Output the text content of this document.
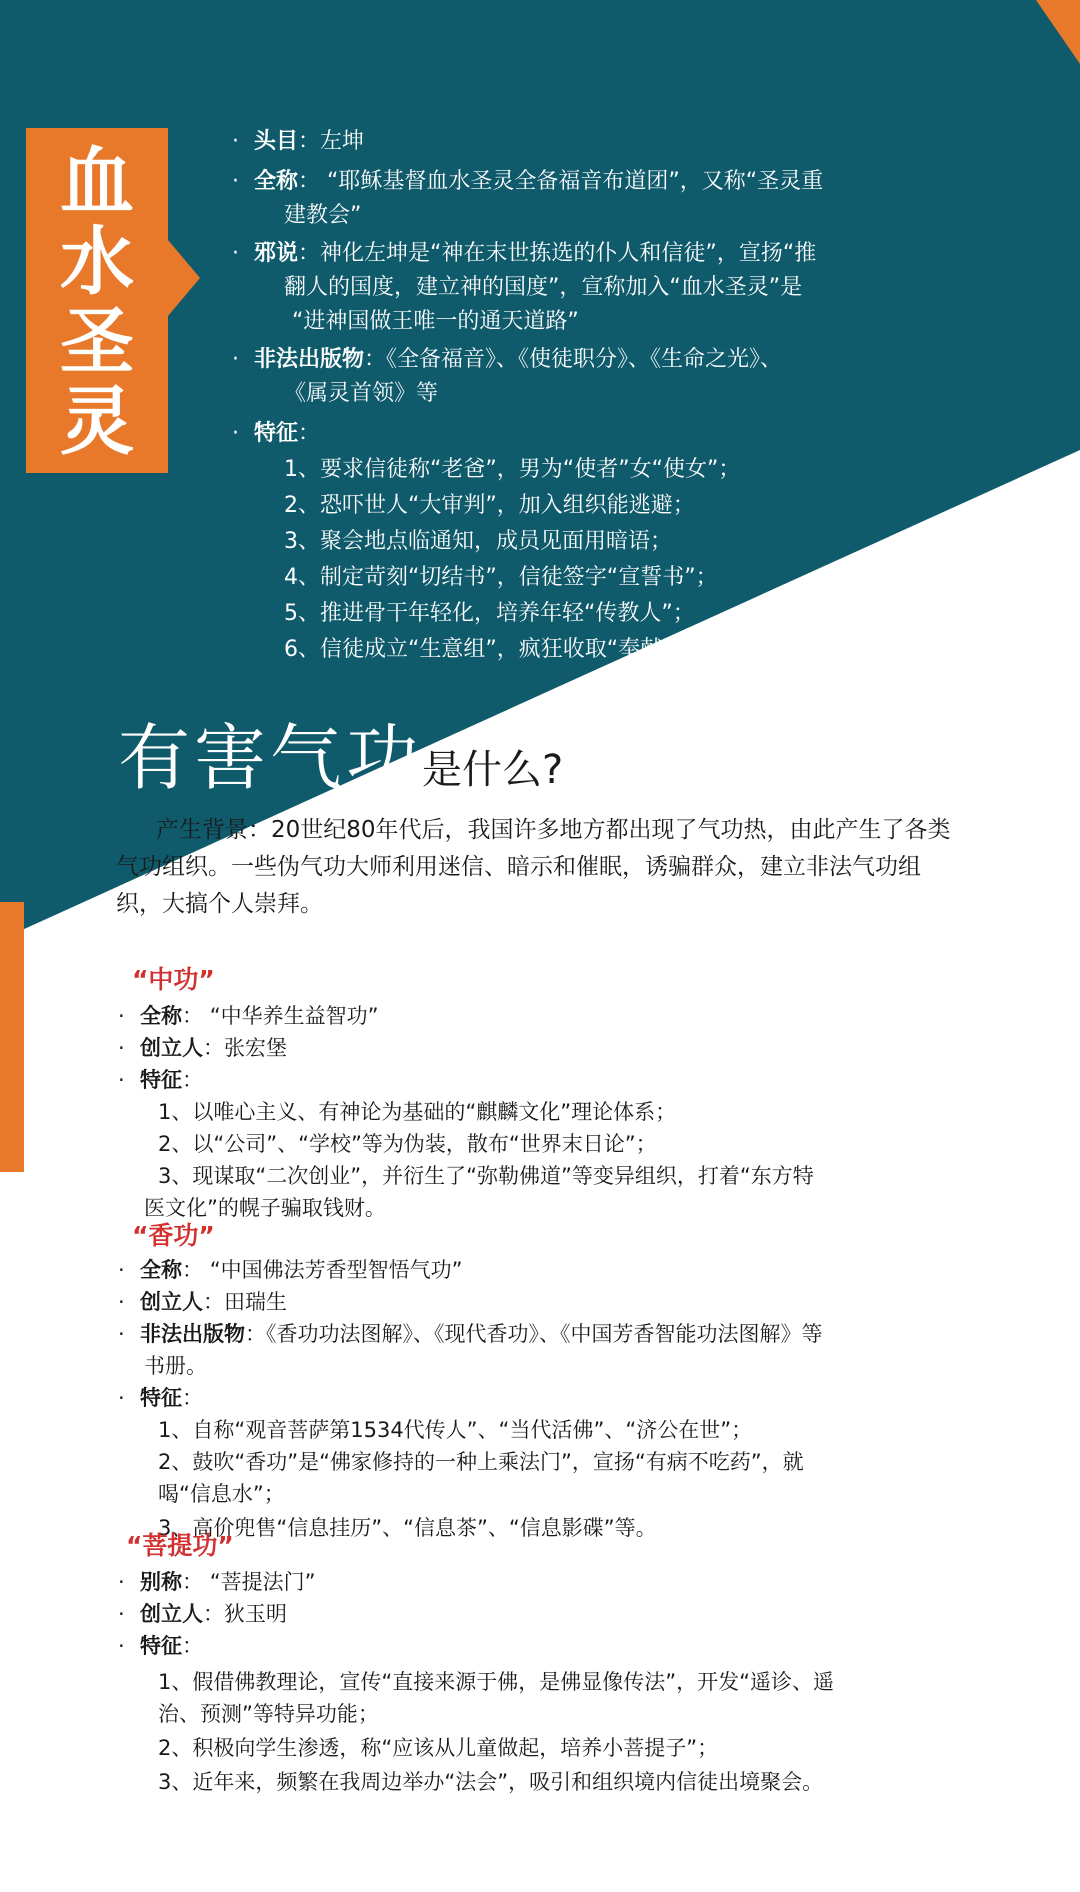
血
水
圣
灵
· 头目：左坤
· 全称： “耶稣基督血水圣灵全备福音布道团”，又称“圣灵重
建教会”
· 邪说：神化左坤是“神在末世拣选的仆人和信徒”，宣扬“推
翻人的国度，建立神的国度”，宣称加入“血水圣灵”是
“进神国做王唯一的通天道路”
· 非法出版物：《全备福音》、《使徒职分》、《生命之光》、
《属灵首领》等
· 特征：
1、要求信徒称“老爸”，男为“使者”女“使女”；
2、恐吓世人“大审判”，加入组织能逃避；
3、聚会地点临通知，成员见面用暗语；
4、制定苛刻“切结书”，信徒签字“宣誓书”；
5、推进骨干年轻化，培养年轻“传教人”；
6、信徒成立“生意组”，疯狂收取“奉献金”。
有害气功是什么?
产生背景：20世纪80年代后，我国许多地方都出现了气功热，由此产生了各类气功组织。一些伪气功大师利用迷信、暗示和催眠，诱骗群众，建立非法气功组织，大搞个人崇拜。
“中功”
· 全称： “中华养生益智功”
· 创立人：张宏堡
· 特征：
1、以唯心主义、有神论为基础的“麒麟文化”理论体系；
2、以“公司”、“学校”等为伪装，散布“世界末日论”；
3、现谋取“二次创业”，并衍生了“弥勒佛道”等变异组织，打着“东方特
医文化”的幌子骗取钱财。
“香功”
· 全称： “中国佛法芳香型智悟气功”
· 创立人：田瑞生
· 非法出版物：《香功功法图解》、《现代香功》、《中国芳香智能功法图解》等
书册。
· 特征：
1、自称“观音菩萨第1534代传人”、“当代活佛”、“济公在世”；
2、鼓吹“香功”是“佛家修持的一种上乘法门”，宣扬“有病不吃药”，就
喝“信息水”；
3、高价兜售“信息挂历”、“信息茶”、“信息影碟”等。
“菩提功”
· 别称： “菩提法门”
· 创立人：狄玉明
· 特征：
1、假借佛教理论，宣传“直接来源于佛，是佛显像传法”，开发“遥诊、遥
治、预测”等特异功能；
2、积极向学生渗透，称“应该从儿童做起，培养小菩提子”；
3、近年来，频繁在我周边举办“法会”，吸引和组织境内信徒出境聚会。
